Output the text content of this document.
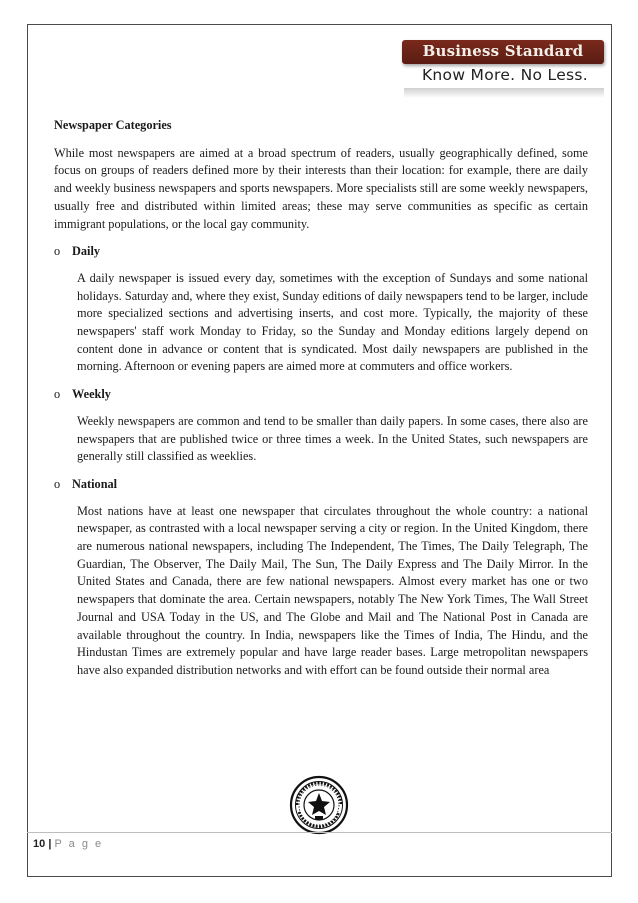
Business Standard
Know More. No Less.

Newspaper Categories

While most newspapers are aimed at a broad spectrum of readers, usually geographically defined, some focus on groups of readers defined more by their interests than their location: for example, there are daily and weekly business newspapers and sports newspapers. More specialists still are some weekly newspapers, usually free and distributed within limited areas; these may serve communities as specific as certain immigrant populations, or the local gay community.

o Daily

A daily newspaper is issued every day, sometimes with the exception of Sundays and some national holidays. Saturday and, where they exist, Sunday editions of daily newspapers tend to be larger, include more specialized sections and advertising inserts, and cost more. Typically, the majority of these newspapers' staff work Monday to Friday, so the Sunday and Monday editions largely depend on content done in advance or content that is syndicated. Most daily newspapers are published in the morning. Afternoon or evening papers are aimed more at commuters and office workers.

o Weekly

Weekly newspapers are common and tend to be smaller than daily papers. In some cases, there also are newspapers that are published twice or three times a week. In the United States, such newspapers are generally still classified as weeklies.

o National

Most nations have at least one newspaper that circulates throughout the whole country: a national newspaper, as contrasted with a local newspaper serving a city or region. In the United Kingdom, there are numerous national newspapers, including The Independent, The Times, The Daily Telegraph, The Guardian, The Observer, The Daily Mail, The Sun, The Daily Express and The Daily Mirror. In the United States and Canada, there are few national newspapers. Almost every market has one or two newspapers that dominate the area. Certain newspapers, notably The New York Times, The Wall Street Journal and USA Today in the US, and The Globe and Mail and The National Post in Canada are available throughout the country. In India, newspapers like the Times of India, The Hindu, and the Hindustan Times are extremely popular and have large reader bases. Large metropolitan newspapers have also expanded distribution networks and with effort can be found outside their normal area

10 | P a g e
